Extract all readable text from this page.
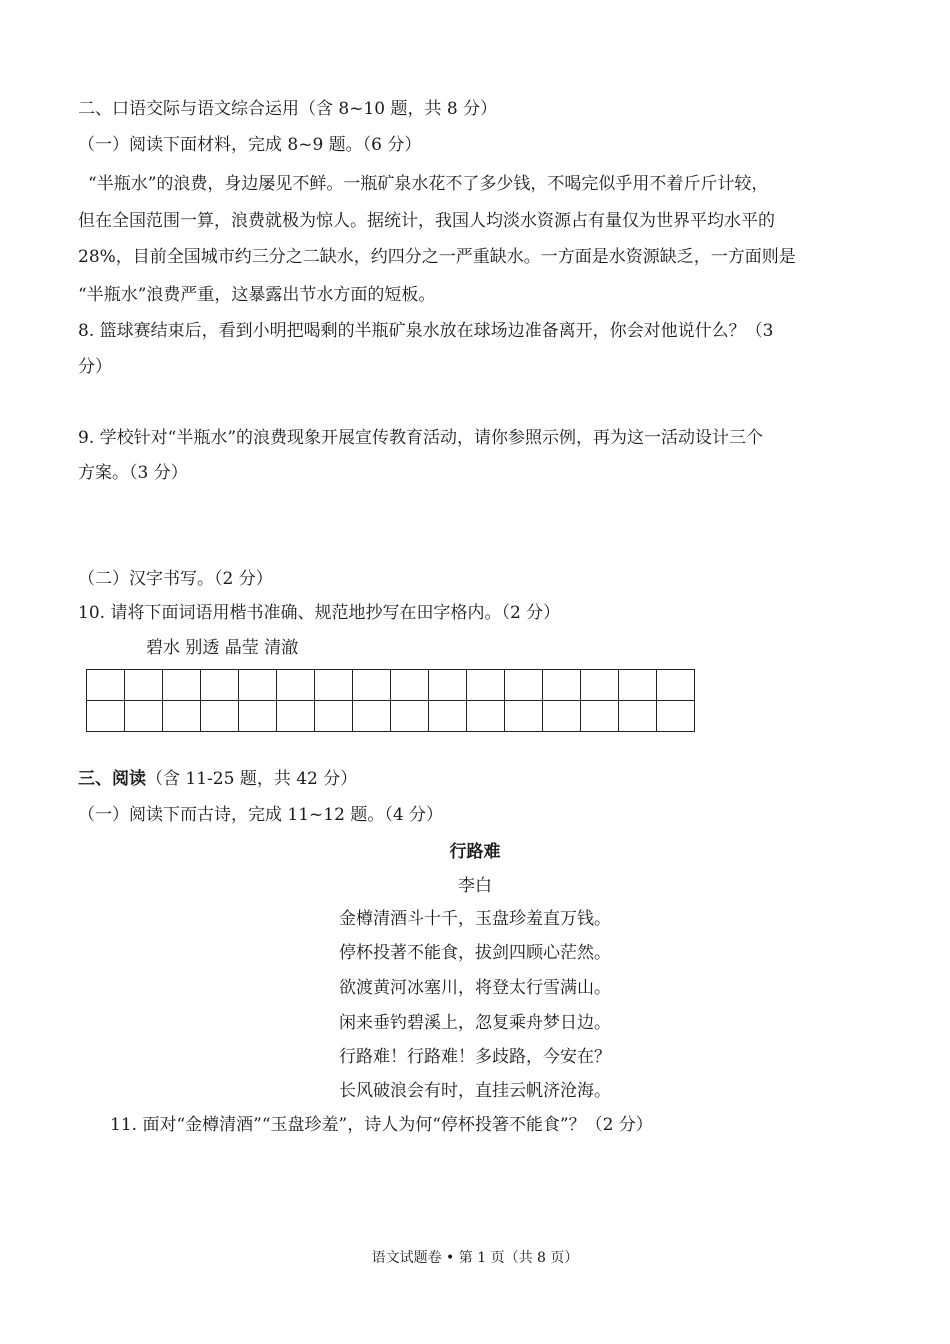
二、口语交际与语文综合运用（含 8~10 题，共 8 分）
（一）阅读下面材料，完成 8~9 题。（6 分）
“半瓶水”的浪费，身边屡见不鲜。一瓶矿泉水花不了多少钱，不喝完似乎用不着斤斤计较，
但在全国范围一算，浪费就极为惊人。据统计，我国人均淡水资源占有量仅为世界平均水平的
28%，目前全国城市约三分之二缺水，约四分之一严重缺水。一方面是水资源缺乏，一方面则是
“半瓶水”浪费严重，这暴露出节水方面的短板。
8. 篮球赛结束后，看到小明把喝剩的半瓶矿泉水放在球场边准备离开，你会对他说什么？（3
分）
9. 学校针对“半瓶水”的浪费现象开展宣传教育活动，请你参照示例，再为这一活动设计三个
方案。（3 分）
（二）汉字书写。（2 分）
10. 请将下面词语用楷书准确、规范地抄写在田字格内。（2 分）
碧水 别透 晶莹 清澈

三、阅读（含 11-25 题，共 42 分）
（一）阅读下而古诗，完成 11~12 题。（4 分）
行路难
李白
金樽清酒斗十千，玉盘珍羞直万钱。
停杯投著不能食，拔剑四顾心茫然。
欲渡黄河冰塞川，将登太行雪满山。
闲来垂钓碧溪上，忽复乘舟梦日边。
行路难！行路难！多歧路，今安在？
长风破浪会有时，直挂云帆济沧海。
11. 面对“金樽清酒”“玉盘珍羞”，诗人为何“停杯投箸不能食”？（2 分）
语文试题卷 • 第 1 页（共 8 页）
